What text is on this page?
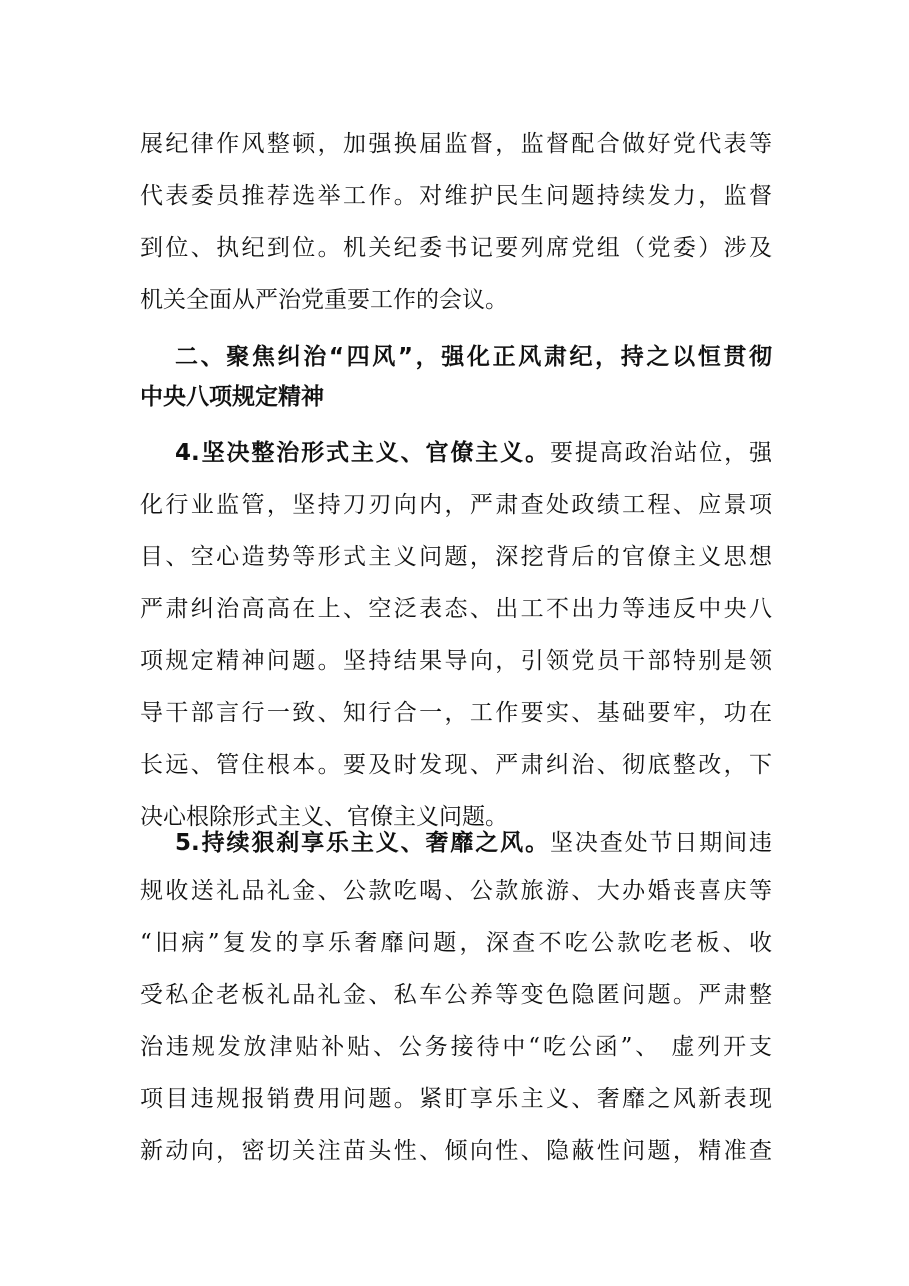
展纪律作风整顿，加强换届监督，监督配合做好党代表等
代表委员推荐选举工作。对维护民生问题持续发力，监督
到位、执纪到位。机关纪委书记要列席党组（党委）涉及
机关全面从严治党重要工作的会议。
二、聚焦纠治“四风”，强化正风肃纪，持之以恒贯彻
中央八项规定精神
4.坚决整治形式主义、官僚主义。要提高政治站位，强
化行业监管，坚持刀刃向内，严肃查处政绩工程、应景项
目、空心造势等形式主义问题，深挖背后的官僚主义思想
严肃纠治高高在上、空泛表态、出工不出力等违反中央八
项规定精神问题。坚持结果导向，引领党员干部特别是领
导干部言行一致、知行合一，工作要实、基础要牢，功在
长远、管住根本。要及时发现、严肃纠治、彻底整改，下
决心根除形式主义、官僚主义问题。
5.持续狠刹享乐主义、奢靡之风。坚决查处节日期间违
规收送礼品礼金、公款吃喝、公款旅游、大办婚丧喜庆等
“旧病”复发的享乐奢靡问题，深查不吃公款吃老板、收
受私企老板礼品礼金、私车公养等变色隐匿问题。严肃整
治违规发放津贴补贴、公务接待中“吃公函”、 虚列开支
项目违规报销费用问题。紧盯享乐主义、奢靡之风新表现
新动向，密切关注苗头性、倾向性、隐蔽性问题，精准查
